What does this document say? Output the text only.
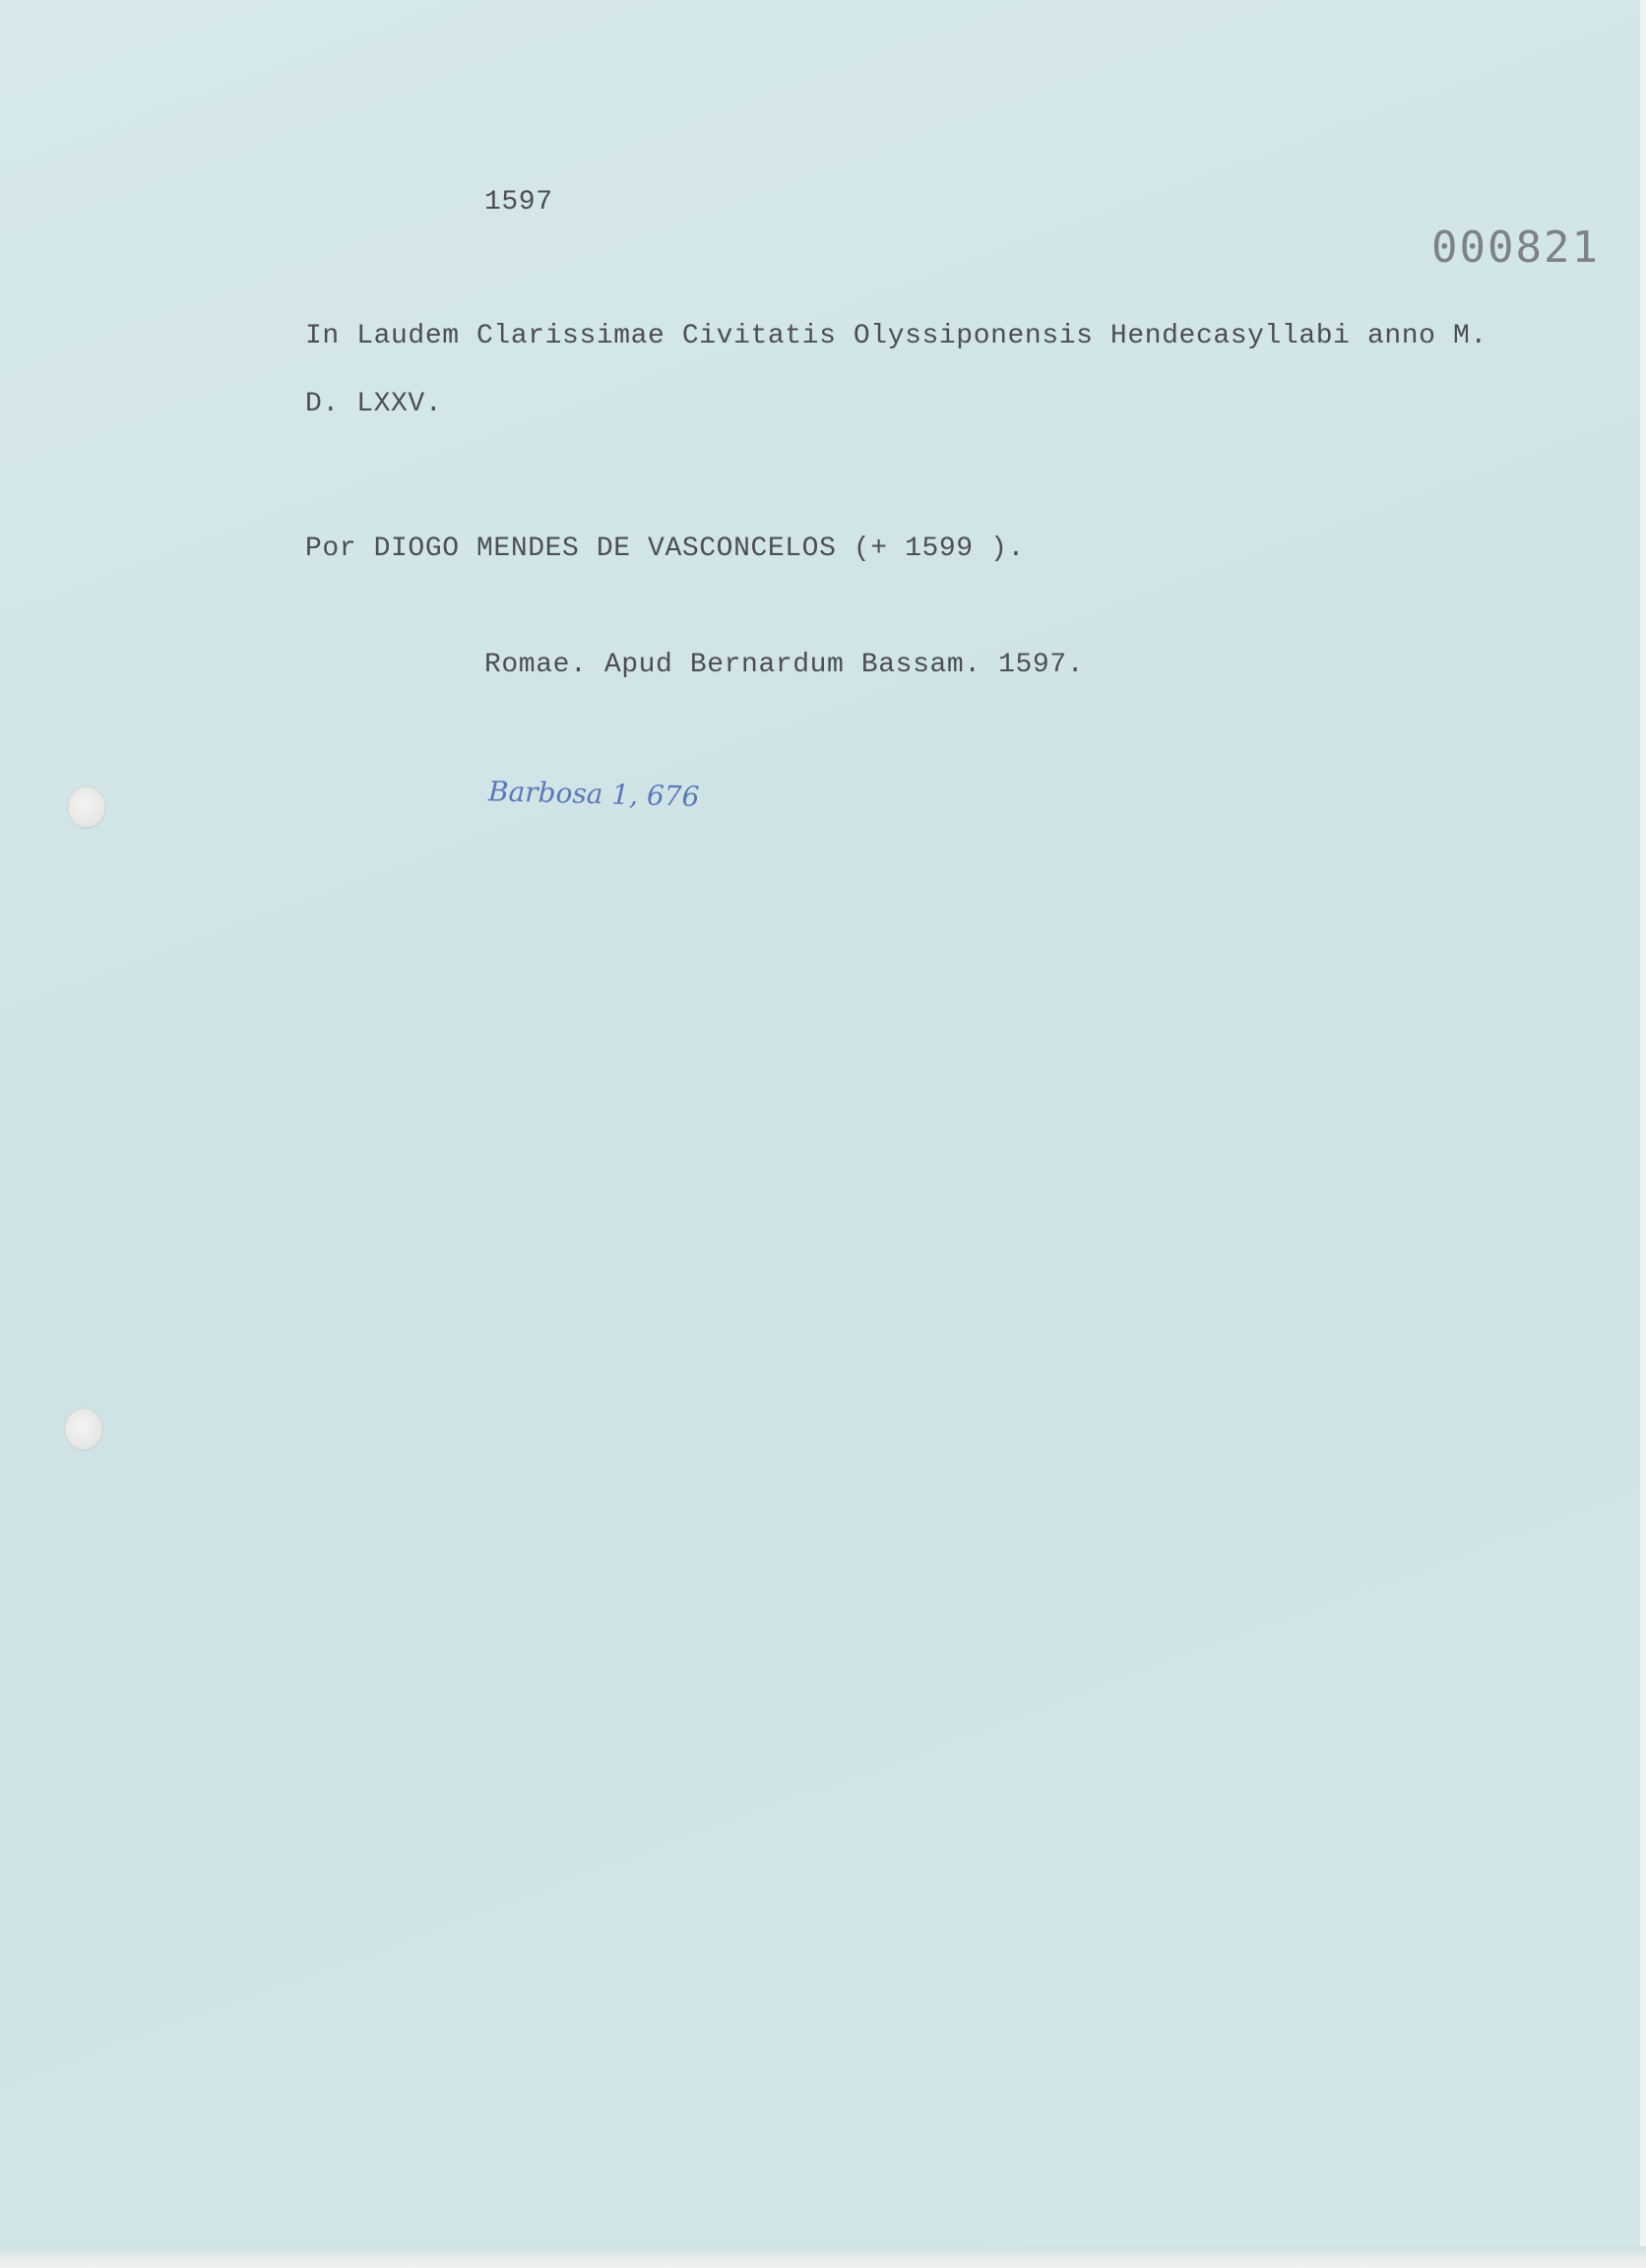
1597
000821
In Laudem Clarissimae Civitatis Olyssiponensis Hendecasyllabi anno M.
D. LXXV.
Por DIOGO MENDES DE VASCONCELOS (+ 1599 ).
Romae. Apud Bernardum Bassam. 1597.
Barbosa 1, 676
